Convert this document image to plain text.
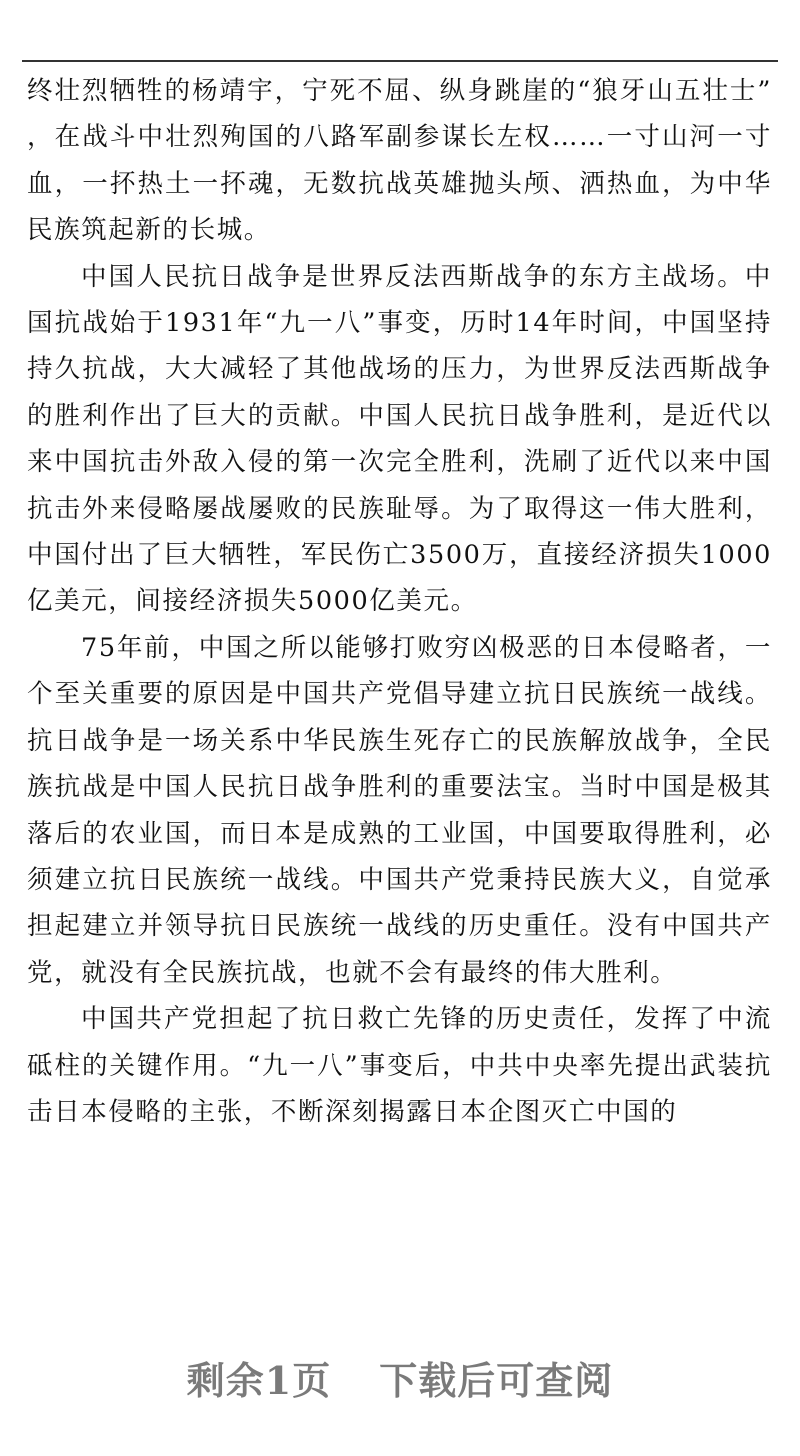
终壮烈牺牲的杨靖宇，宁死不屈、纵身跳崖的“狼牙山五壮士”，在战斗中壮烈殉国的八路军副参谋长左权……一寸山河一寸血，一抔热土一抔魂，无数抗战英雄抛头颅、洒热血，为中华民族筑起新的长城。

中国人民抗日战争是世界反法西斯战争的东方主战场。中国抗战始于1931年“九一八”事变，历时14年时间，中国坚持持久抗战，大大减轻了其他战场的压力，为世界反法西斯战争的胜利作出了巨大的贡献。中国人民抗日战争胜利，是近代以来中国抗击外敌入侵的第一次完全胜利，洗刷了近代以来中国抗击外来侵略屡战屡败的民族耻辱。为了取得这一伟大胜利，中国付出了巨大牺牲，军民伤亡3500万，直接经济损失1000亿美元，间接经济损失5000亿美元。

75年前，中国之所以能够打败穷凶极恶的日本侵略者，一个至关重要的原因是中国共产党倡导建立抗日民族统一战线。抗日战争是一场关系中华民族生死存亡的民族解放战争，全民族抗战是中国人民抗日战争胜利的重要法宝。当时中国是极其落后的农业国，而日本是成熟的工业国，中国要取得胜利，必须建立抗日民族统一战线。中国共产党秉持民族大义，自觉承担起建立并领导抗日民族统一战线的历史重任。没有中国共产党，就没有全民族抗战，也就不会有最终的伟大胜利。

中国共产党担起了抗日救亡先锋的历史责任，发挥了中流砥柱的关键作用。“九一八”事变后，中共中央率先提出武装抗击日本侵略的主张，不断深刻揭露日本企图灭亡中国的

剩余1页 下载后可查阅
